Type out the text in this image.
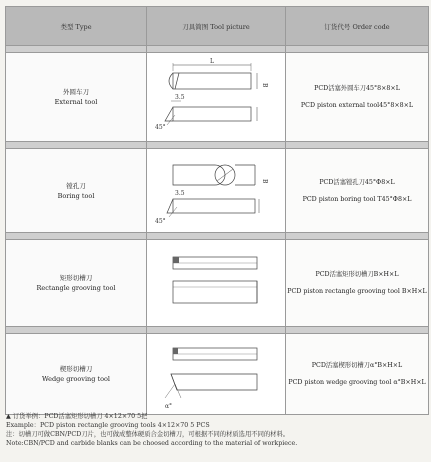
类型 Type	刀具简图 Tool picture	订货代号 Order code

外圆车刀
External tool	L
B
3.5
45°	PCD活塞外圆车刀45°8×8×L
PCD piston external tool45°8×8×L

镗孔刀
Boring tool	B
3.5
45°	PCD活塞镗孔刀45°Φ8×L
PCD piston boring tool T45°Φ8×L

矩形切槽刀
Rectangle grooving tool		PCD活塞矩形切槽刀B×H×L
PCD piston rectangle grooving tool B×H×L

楔形切槽刀
Wedge grooving tool	α°	PCD活塞楔形切槽刀α°B×H×L
PCD piston wedge grooving tool α°B×H×L
▲ 订货举例：PCD活塞矩形切槽刀 4×12×70 5把
Example：PCD piston rectangle grooving tools 4×12×70 5 PCS
注：切槽刀可做CBN/PCD刀片，也可做成整体硬质合金切槽刀，可根据不同的材质选用不同的材料。
Note:CBN/PCD and carbide blanks can be choosed according to the material of workpiece.
